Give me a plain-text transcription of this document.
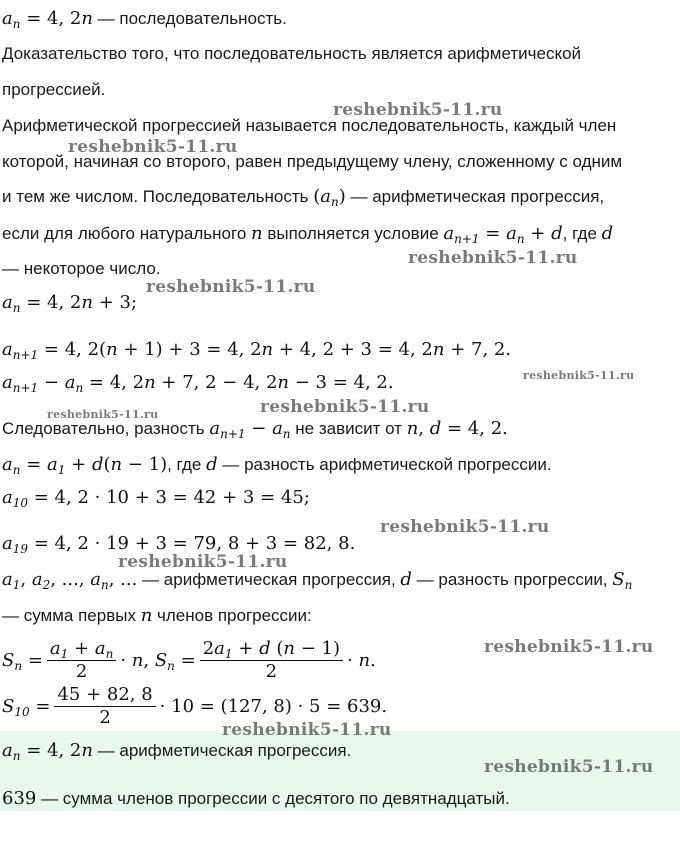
$a_n = 4$, 2n — последовательность.
Доказательство того, что последовательность является арифметической
прогрессией.
Арифметической прогрессией называется последовательность, каждый член
которой, начиная со второго, равен предыдущему члену, сложенному с одним
и тем же числом. Последовательность $(a_n)$ — арифметическая прогрессия,
если для любого натурального n выполняется условие $a_{n+1} = a_n + d$, где d
— некоторое число.
$a_n = 4$, 2n + 3;
$a_{n+1} = 4$, 2(n + 1) + 3 = 4, 2n + 4, 2 + 3 = 4, 2n + 7, 2.
$a_{n+1} - a_n = 4$, 2n + 7, 2 − 4, 2n − 3 = 4, 2.
Следовательно, разность $a_{n+1} - a_n$ не зависит от n, d = 4, 2.
$a_n = a_1 + d(n - 1)$, где d — разность арифметической прогрессии.
$a_{10} = 4$, 2 · 10 + 3 = 42 + 3 = 45;
$a_{19} = 4$, 2 · 19 + 3 = 79, 8 + 3 = 82, 8.
$a_1$, $a_2$, ..., $a_n$, ... — арифметическая прогрессия, d — разность прогрессии, $S_n$
— сумма первых n членов прогрессии:
$S_n = \frac{a_1 + a_n}{2} \cdot n$, $S_n = \frac{2a_1 + d (n - 1)}{2} \cdot n$.
$S_{10} = \frac{45 + 82, 8}{2} \cdot 10 = (127$, 8) · 5 = 639.
$a_n = 4$, 2n — арифметическая прогрессия.
639 — сумма членов прогрессии с десятого по девятнадцатый.
reshebnik5-11.ru
reshebnik5-11.ru
reshebnik5-11.ru
reshebnik5-11.ru
reshebnik5-11.ru
reshebnik5-11.ru
reshebnik5-11.ru
reshebnik5-11.ru
reshebnik5-11.ru
reshebnik5-11.ru
reshebnik5-11.ru
reshebnik5-11.ru
